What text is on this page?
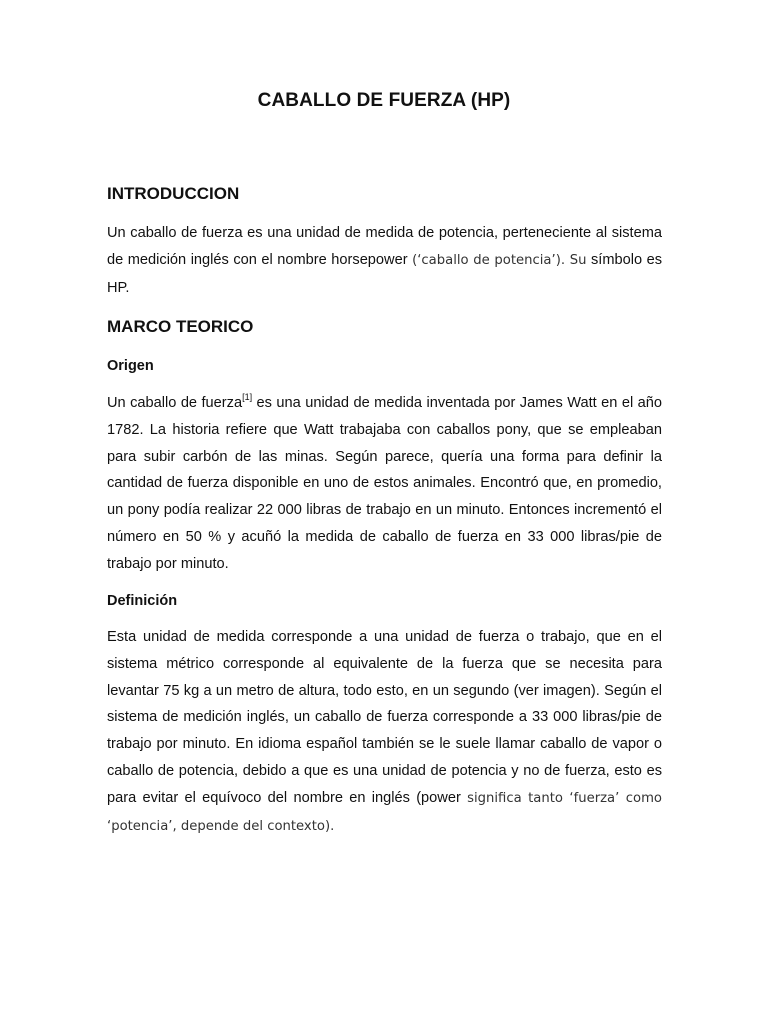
CABALLO DE FUERZA (HP)
INTRODUCCION

Un caballo de fuerza es una unidad de medida de potencia, perteneciente al sistema de medición inglés con el nombre horsepower (‘caballo de potencia’). Su símbolo es HP.

MARCO TEORICO
Origen

Un caballo de fuerza[1] es una unidad de medida inventada por James Watt en el año 1782. La historia refiere que Watt trabajaba con caballos pony, que se empleaban para subir carbón de las minas. Según parece, quería una forma para definir la cantidad de fuerza disponible en uno de estos animales. Encontró que, en promedio, un pony podía realizar 22 000 libras de trabajo en un minuto. Entonces incrementó el número en 50 % y acuñó la medida de caballo de fuerza en 33 000 libras/pie de trabajo por minuto.

Definición

Esta unidad de medida corresponde a una unidad de fuerza o trabajo, que en el sistema métrico corresponde al equivalente de la fuerza que se necesita para levantar 75 kg a un metro de altura, todo esto, en un segundo (ver imagen). Según el sistema de medición inglés, un caballo de fuerza corresponde a 33 000 libras/pie de trabajo por minuto. En idioma español también se le suele llamar caballo de vapor o caballo de potencia, debido a que es una unidad de potencia y no de fuerza, esto es para evitar el equívoco del nombre en inglés (power significa tanto ‘fuerza’ como ‘potencia’, depende del contexto).
